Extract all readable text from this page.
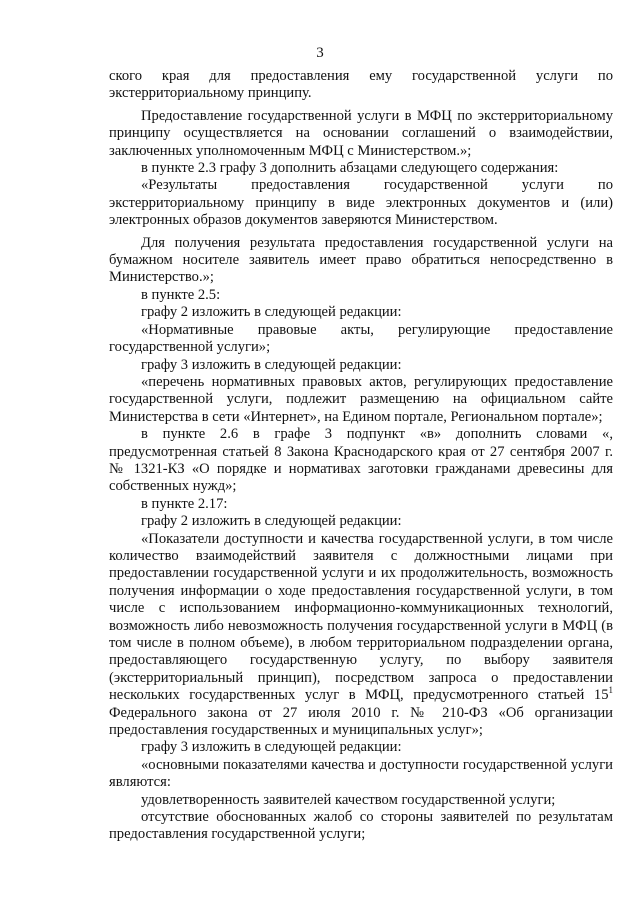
3

ского края для предоставления ему государственной услуги по экстерриториальному принципу.

Предоставление государственной услуги в МФЦ по экстерриториальному принципу осуществляется на основании соглашений о взаимодействии, заключенных уполномоченным МФЦ с Министерством.»;

в пункте 2.3 графу 3 дополнить абзацами следующего содержания:

«Результаты предоставления государственной услуги по экстерриториальному принципу в виде электронных документов и (или) электронных образов документов заверяются Министерством.

Для получения результата предоставления государственной услуги на бумажном носителе заявитель имеет право обратиться непосредственно в Министерство.»;

в пункте 2.5:

графу 2 изложить в следующей редакции:

«Нормативные правовые акты, регулирующие предоставление государственной услуги»;

графу 3 изложить в следующей редакции:

«перечень нормативных правовых актов, регулирующих предоставление государственной услуги, подлежит размещению на официальном сайте Министерства в сети «Интернет», на Едином портале, Региональном портале»;

в пункте 2.6 в графе 3 подпункт «в» дополнить словами «, предусмотренная статьей 8 Закона Краснодарского края от 27 сентября 2007 г. № 1321-КЗ «О порядке и нормативах заготовки гражданами древесины для собственных нужд»;

в пункте 2.17:

графу 2 изложить в следующей редакции:

«Показатели доступности и качества государственной услуги, в том числе количество взаимодействий заявителя с должностными лицами при предоставлении государственной услуги и их продолжительность, возможность получения информации о ходе предоставления государственной услуги, в том числе с использованием информационно-коммуникационных технологий, возможность либо невозможность получения государственной услуги в МФЦ (в том числе в полном объеме), в любом территориальном подразделении органа, предоставляющего государственную услугу, по выбору заявителя (экстерриториальный принцип), посредством запроса о предоставлении нескольких государственных услуг в МФЦ, предусмотренного статьей $15^1$ Федерального закона от 27 июля 2010 г. № 210-ФЗ «Об организации предоставления государственных и муниципальных услуг»;

графу 3 изложить в следующей редакции:

«основными показателями качества и доступности государственной услуги являются:

удовлетворенность заявителей качеством государственной услуги;

отсутствие обоснованных жалоб со стороны заявителей по результатам предоставления государственной услуги;
